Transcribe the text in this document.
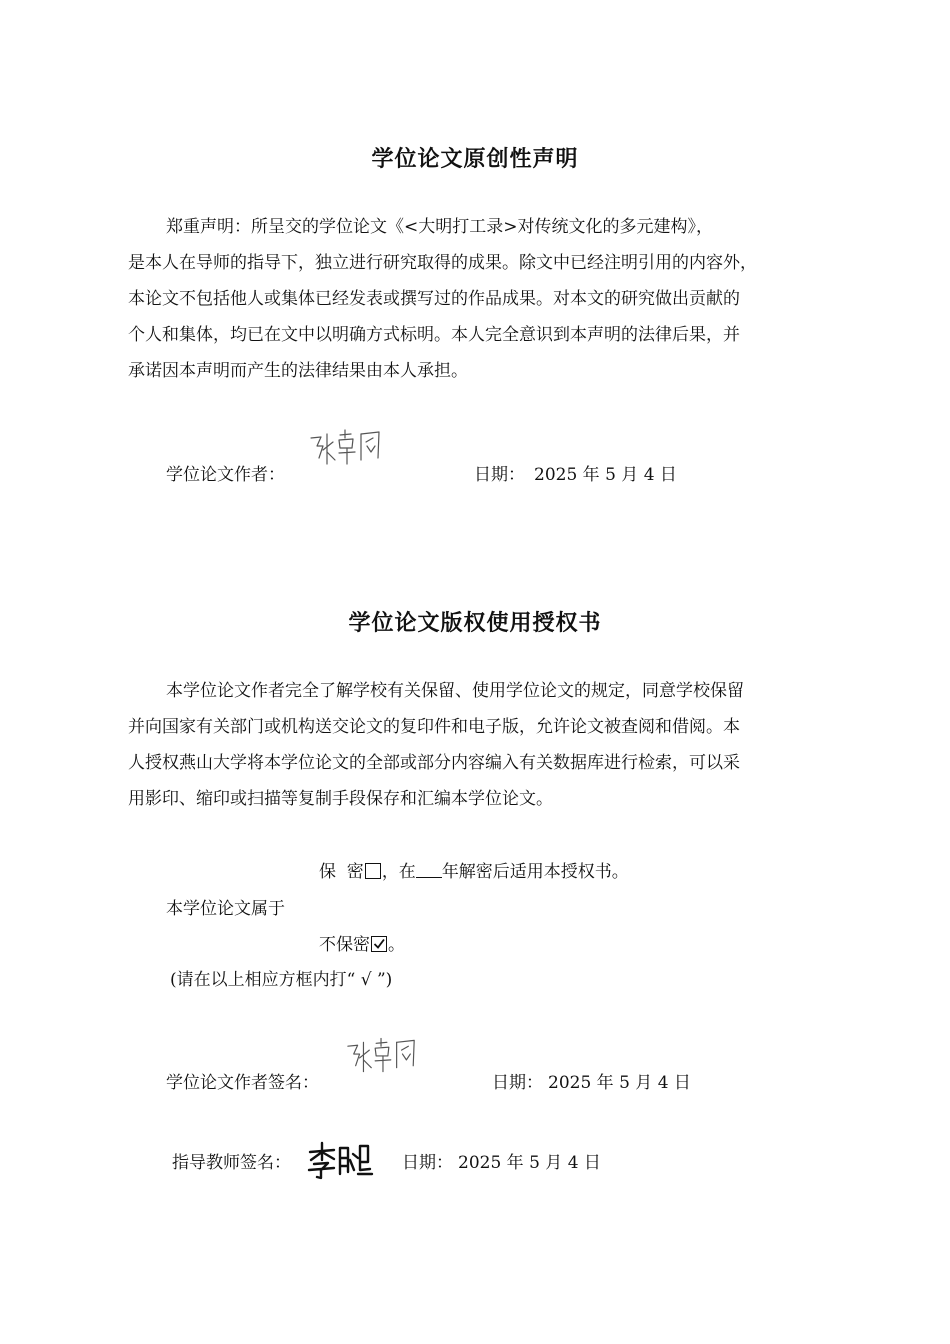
学位论文原创性声明
郑重声明：所呈交的学位论文《<大明打工录>对传统文化的多元建构》，
是本人在导师的指导下，独立进行研究取得的成果。除文中已经注明引用的内容外，
本论文不包括他人或集体已经发表或撰写过的作品成果。对本文的研究做出贡献的
个人和集体，均已在文中以明确方式标明。本人完全意识到本声明的法律后果，并
承诺因本声明而产生的法律结果由本人承担。
学位论文作者：	日期： 2025 年 5 月 4 日
学位论文版权使用授权书
本学位论文作者完全了解学校有关保留、使用学位论文的规定，同意学校保留
并向国家有关部门或机构送交论文的复印件和电子版，允许论文被查阅和借阅。本
人授权燕山大学将本学位论文的全部或部分内容编入有关数据库进行检索，可以采
用影印、缩印或扫描等复制手段保存和汇编本学位论文。
保  密 ，在 年解密后适用本授权书。
本学位论文属于
不保密 。
(请在以上相应方框内打“ √ ”)
学位论文作者签名：	日期： 2025 年 5 月 4 日
指导教师签名：	日期： 2025 年 5 月 4 日
